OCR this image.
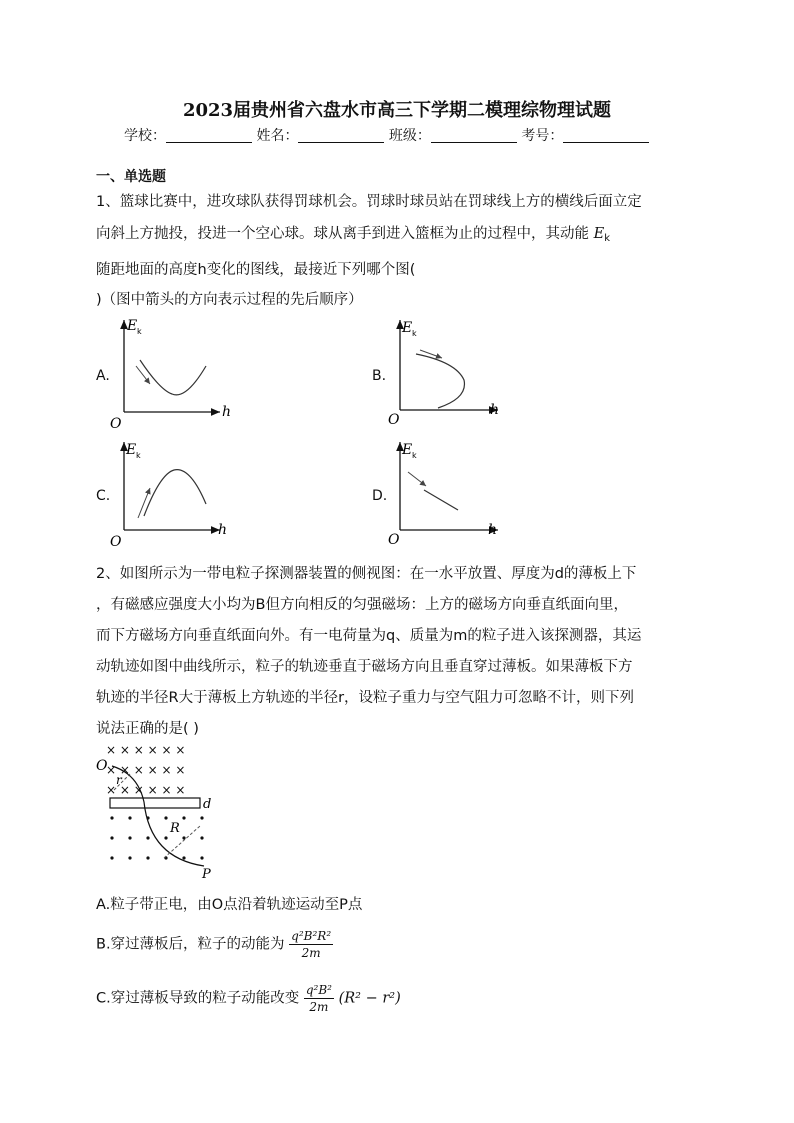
2023届贵州省六盘水市高三下学期二模理综物理试题
学校：	姓名：	班级：	考号：
一、单选题
1、篮球比赛中，进攻球队获得罚球机会。罚球时球员站在罚球线上方的横线后面立定
向斜上方抛投，投进一个空心球。球从离手到进入篮框为止的过程中，其动能 $E_k$
随距地面的高度h变化的图线，最接近下列哪个图(
)（图中箭头的方向表示过程的先后顺序）
A.	B.
C.	D.
E k
h
O
E k
h
O
E k
h
O
E k
h
O
2、如图所示为一带电粒子探测器装置的侧视图：在一水平放置、厚度为d的薄板上下
，有磁感应强度大小均为B但方向相反的匀强磁场：上方的磁场方向垂直纸面向里，
而下方磁场方向垂直纸面向外。有一电荷量为q、质量为m的粒子进入该探测器，其运
动轨迹如图中曲线所示，粒子的轨迹垂直于磁场方向且垂直穿过薄板。如果薄板下方
轨迹的半径R大于薄板上方轨迹的半径r，设粒子重力与空气阻力可忽略不计，则下列
说法正确的是( )
× × × × × ×
× × × × × ×
× × × × × ×
O
r
d
R
P
A.粒子带正电，由O点沿着轨迹运动至P点
B.穿过薄板后，粒子的动能为 $\frac{\text{q²B²R²}}{2m}$
C.穿过薄板导致的粒子动能改变 $\frac{\text{q²B²}}{2m} (R^2 - r^2)$
